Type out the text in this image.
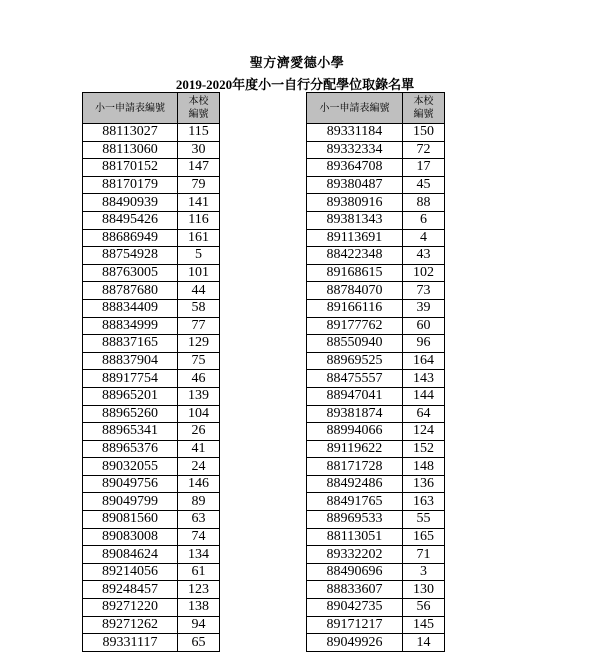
聖方濟愛德小學
2019-2020年度小一自行分配學位取錄名單
小一申請表編號	本校
編號
88113027	115
88113060	30
88170152	147
88170179	79
88490939	141
88495426	116
88686949	161
88754928	5
88763005	101
88787680	44
88834409	58
88834999	77
88837165	129
88837904	75
88917754	46
88965201	139
88965260	104
88965341	26
88965376	41
89032055	24
89049756	146
89049799	89
89081560	63
89083008	74
89084624	134
89214056	61
89248457	123
89271220	138
89271262	94
89331117	65
小一申請表編號	本校
編號
89331184	150
89332334	72
89364708	17
89380487	45
89380916	88
89381343	6
89113691	4
88422348	43
89168615	102
88784070	73
89166116	39
89177762	60
88550940	96
88969525	164
88475557	143
88947041	144
89381874	64
88994066	124
89119622	152
88171728	148
88492486	136
88491765	163
88969533	55
88113051	165
89332202	71
88490696	3
88833607	130
89042735	56
89171217	145
89049926	14
